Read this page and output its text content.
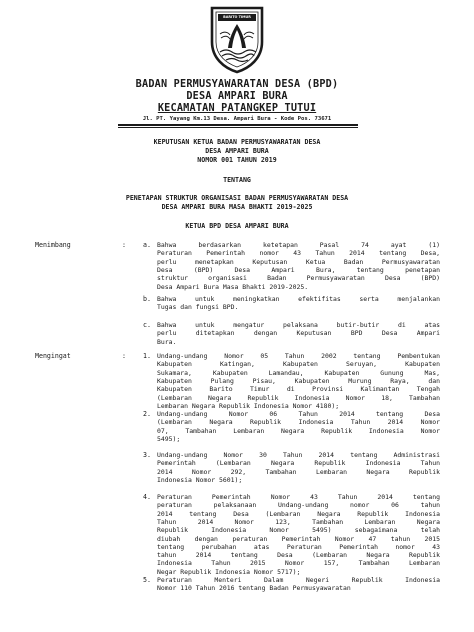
BARITO TIMUR
BADAN PERMUSYAWARATAN DESA (BPD)
DESA AMPARI BURA
KECAMATAN PATANGKEP TUTUI
Jl. PT. Yayang Km.13 Desa. Ampari Bura - Kode Pos. 73671
KEPUTUSAN KETUA BADAN PERMUSYAWARATAN DESA
DESA AMPARI BURA
NOMOR 001 TAHUN 2019
TENTANG
PENETAPAN STRUKTUR ORGANISASI BADAN PERMUSYAWARATAN DESA
DESA AMPARI BURA MASA BHAKTI 2019-2025
KETUA BPD DESA AMPARI BURA
Menimbang	:	a. Bahwa berdasarkan ketetapan Pasal 74 ayat (1)
Peraturan Pemerintah nomor 43 Tahun 2014 tentang Desa,
perlu menetapkan Keputusan Ketua Badan Permusyawaratan
Desa (BPD) Desa Ampari Bura, tentang penetapan
struktur organisasi Badan Permusyawaratan Desa (BPD)
Desa Ampari Bura Masa Bhakti 2019-2025.
b. Bahwa untuk meningkatkan efektifitas serta menjalankan
Tugas dan fungsi BPD.
c. Bahwa untuk mengatur pelaksana butir-butir di atas
perlu ditetapkan dengan Keputusan BPD Desa Ampari
Bura.
Mengingat	:	1. Undang-undang Nomor 05 Tahun 2002 tentang Pembentukan
Kabupaten Katingan, Kabupaten Seruyan, Kabupaten
Sukamara, Kabupaten Lamandau, Kabupaten Gunung Mas,
Kabupaten Pulang Pisau, Kabupaten Murung Raya, dan
Kabupaten Barito Timur di Provinsi Kalimantan Tengah
(Lembaran Negara Republik Indonesia Nomor 18, Tambahan
Lembaran Negara Republik Indonesia Nomor 4180);
2. Undang-undang Nomor 06 Tahun 2014 tentang Desa
(Lembaran Negara Republik Indonesia Tahun 2014 Nomor
07, Tambahan Lembaran Negara Republik Indonesia Nomor
5495);
3. Undang-undang Nomor 30 Tahun 2014 tentang Administrasi
Pemerintah (Lembaran Negara Republik Indonesia Tahun
2014 Nomor 292, Tambahan Lembaran Negara Republik
Indonesia Nomor 5601);
4. Peraturan Pemerintah Nomor 43 Tahun 2014 tentang
peraturan pelaksanaan Undang-undang nomor 06 tahun
2014 tentang Desa (Lembaran Negara Republik Indonesia
Tahun 2014 Nomor 123, Tambahan Lembaran Negara
Republik Indonesia Nomor 5495) sebagaimana telah
diubah dengan peraturan Pemerintah Nomor 47 tahun 2015
tentang perubahan atas Peraturan Pemerintah nomor 43
tahun 2014 tentang Desa (Lembaran Negara Republik
Indonesia Tahun 2015 Nomor 157, Tambahan Lembaran
Negar Republik Indonesia Nomor 5717);
5. Peraturan Menteri Dalam Negeri Republik Indonesia
Nomor 110 Tahun 2016 tentang Badan Permusyawaratan
